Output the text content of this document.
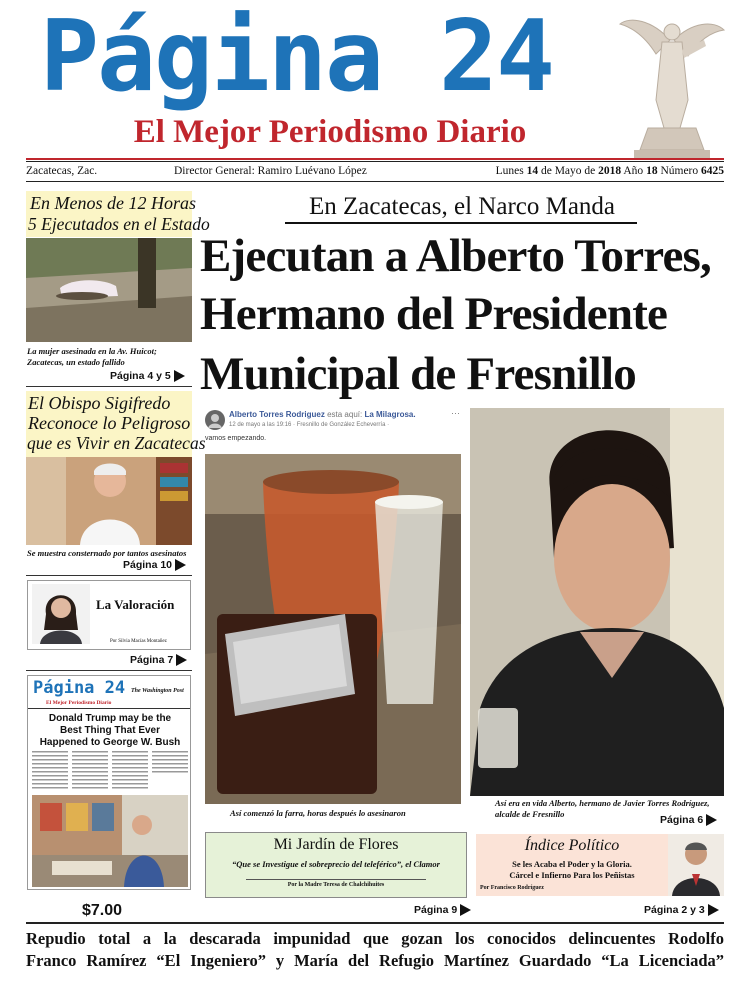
Página 24
El Mejor Periodismo Diario
Zacatecas, Zac.	Director General: Ramiro Luévano López	Lunes 14 de Mayo de 2018 Año 18 Número 6425
En Menos de 12 Horas
5 Ejecutados en el Estado
La mujer asesinada en la Av. Huicot; Zacatecas, un estado fallido
Página 4 y 5
El Obispo Sigifredo
Reconoce lo Peligroso
que es Vivir en Zacatecas
Se muestra consternado por tantos asesinatos
Página 10
La Valoración
Por Silvia Macías Montañez
Página 7
Página 24
El Mejor Periodismo Diario
The Washington Post
Donald Trump may be the
Best Thing That Ever
Happened to George W. Bush
$7.00
En Zacatecas, el Narco Manda
Ejecutan a Alberto Torres,
Hermano del Presidente
Municipal de Fresnillo
Alberto Torres Rodriguez esta aquí: La Milagrosa.
12 de mayo a las 19:16 · Fresnillo de González Echeverría ·
vamos empezando.
···
Así comenzó la farra, horas después lo asesinaron
Así era en vida Alberto, hermano de Javier Torres Rodríguez, alcalde de Fresnillo	Página 6
Mi Jardín de Flores
“Que se Investigue el sobreprecio del teleférico”, el Clamor
Por la Madre Teresa de Chalchihuites
Página 9
Índice Político
Se les Acaba el Poder y la Gloria.
Cárcel e Infierno Para los Peñistas
Por Francisco Rodríguez
Página 2 y 3
Repudio total a la descarada impunidad que gozan los conocidos delincuentes Rodolfo
Franco Ramírez “El Ingeniero” y María del Refugio Martínez Guardado “La Licenciada”
